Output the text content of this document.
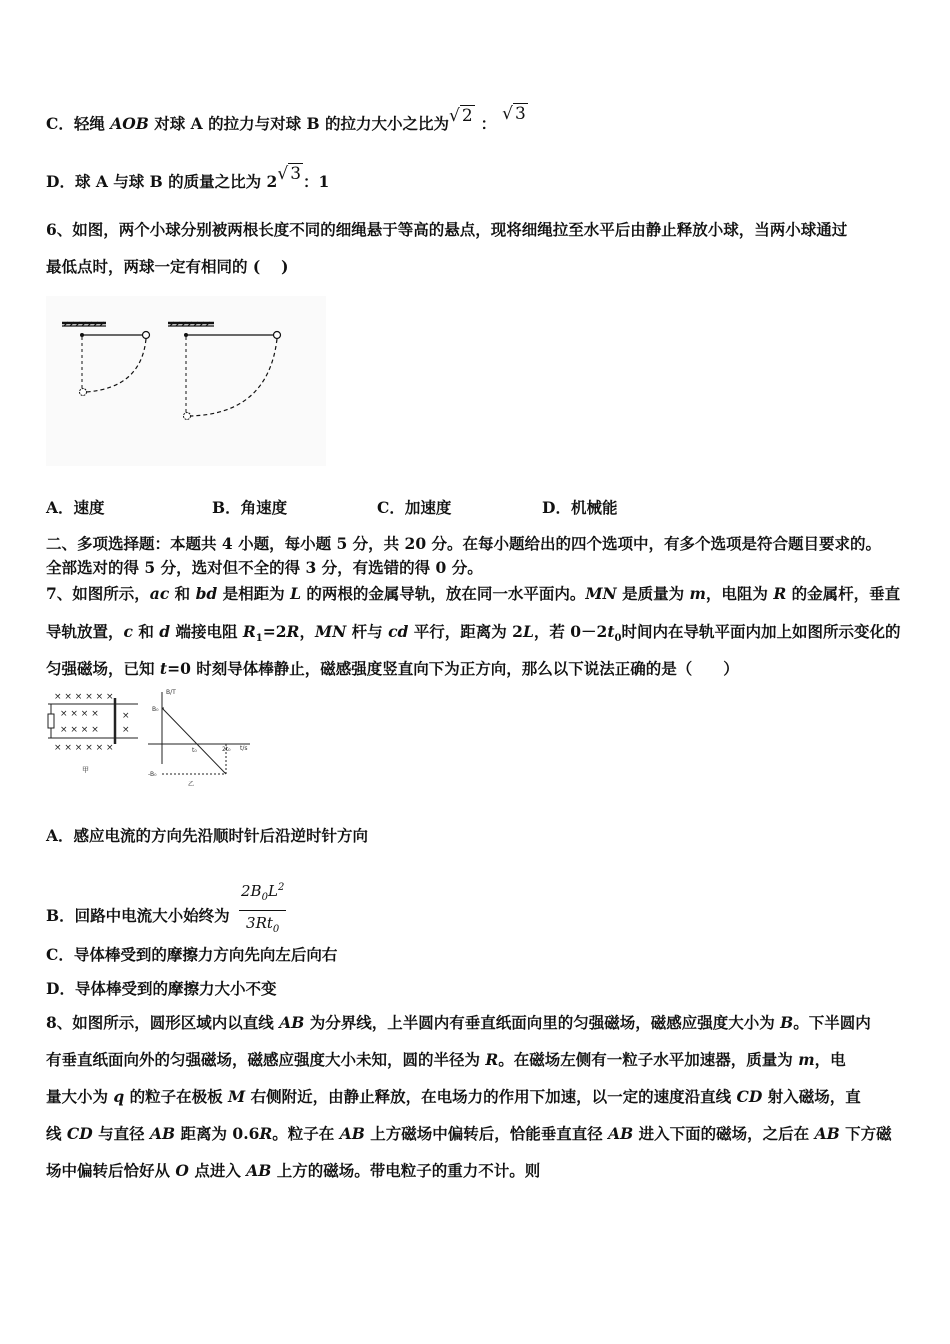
C．轻绳 AOB 对球 A 的拉力与对球 B 的拉力大小之比为√ 2 ： √ 3
D．球 A 与球 B 的质量之比为 2√ 3 ：1
6、如图，两个小球分别被两根长度不同的细绳悬于等高的悬点，现将细绳拉至水平后由静止释放小球，当两小球通过
最低点时，两球一定有相同的 (　 )
A．速度	B．角速度	C．加速度	D．机械能
二、多项选择题：本题共 4 小题，每小题 5 分，共 20 分。在每小题给出的四个选项中，有多个选项是符合题目要求的。
全部选对的得 5 分，选对但不全的得 3 分，有选错的得 0 分。
7、如图所示，ac 和 bd 是相距为 L 的两根的金属导轨，放在同一水平面内。MN 是质量为 m，电阻为 R 的金属杆，垂直
导轨放置，c 和 d 端接电阻 $R_1=2R$，MN 杆与 cd 平行，距离为 2L，若 $0-2t_0$时间内在导轨平面内加上如图所示变化的
匀强磁场，已知 t=0 时刻导体棒静止，磁感强度竖直向下为正方向，那么以下说法正确的是（　　）
× × × × × ×
× × × ×
× × × ×
×
×
× × × × × ×
甲
B/T
B₀
-B₀
t₀	2t₀ t/s
乙
A．感应电流的方向先沿顺时针后沿逆时针方向
B．回路中电流大小始终为 $\frac{2B_0L^2}{3Rt_0}$
C．导体棒受到的摩擦力方向先向左后向右
D．导体棒受到的摩擦力大小不变
8、如图所示，圆形区域内以直线 AB 为分界线，上半圆内有垂直纸面向里的匀强磁场，磁感应强度大小为 B。下半圆内
有垂直纸面向外的匀强磁场，磁感应强度大小未知，圆的半径为 R。在磁场左侧有一粒子水平加速器，质量为 m，电
量大小为 q 的粒子在极板 M 右侧附近，由静止释放，在电场力的作用下加速，以一定的速度沿直线 CD 射入磁场，直
线 CD 与直径 AB 距离为 0.6R。粒子在 AB 上方磁场中偏转后，恰能垂直直径 AB 进入下面的磁场，之后在 AB 下方磁
场中偏转后恰好从 O 点进入 AB 上方的磁场。带电粒子的重力不计。则
